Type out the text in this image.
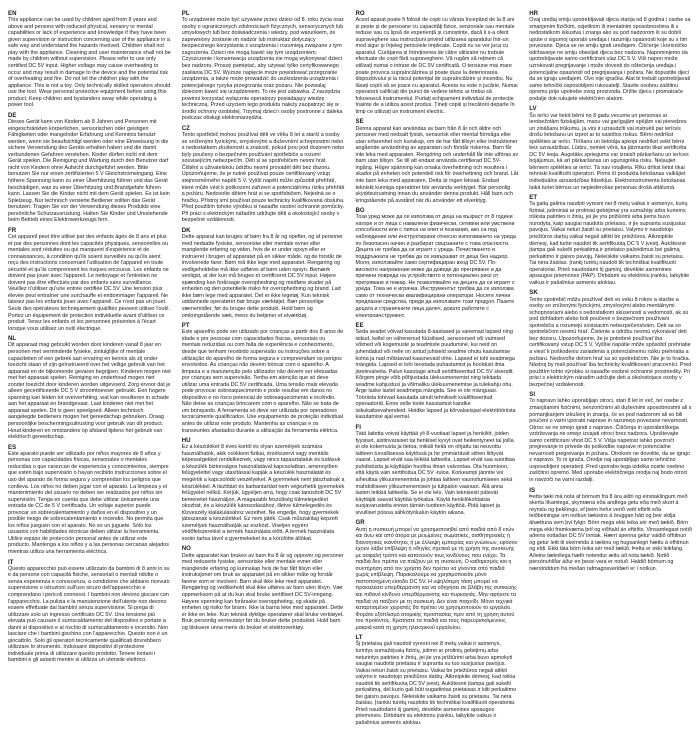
EN

This appliance can be used by children aged from 8 years and above and persons with reduced physical, sensory or mental capabilities or lack of experience and knowledge if they have been given supervision or instruction concerning use of the appliance in a safe way and understand the hazards involved. Children shall not play with the appliance. Cleaning and user maintenance shall not be made by children without supervision. Please refer to use only certified DC 5V input. Higher voltage may cause overheating to occur and may result in damage to the device and the potential risk of overheating and fire. Do not let the children play with the appliance. This is not a toy. Only technically skilled operators should use the tool. Wear personal protective equipment before using this product. Keep children and bystanders away while operating a power tool.

DE

Dieses Gerät kann von Kindern ab 8 Jahren und Personen mit eingeschränkten körperlichen, sensorischen oder geistigen Fähigkeiten oder mangelnder Erfahrung und Kenntnis benutzt werden, wenn sie beaufsichtigt werden oder eine Einweisung in die sichere Verwendung des Geräts erhalten haben und die damit verbundenen Gefahren verstehen. Kinder dürfen nicht mit dem Gerät spielen. Die Reinigung und Wartung durch den Benutzer darf nicht von Kindern ohne Aufsicht durchgeführt werden. Bitte benutzen Sie nur einen zertifizierten 5 V Gleichstromeingang. Eine höhere Spannung kann zu einer Überhitzung führen und das Gerät beschädigen, was zu einer Überhitzung und Brandgefahr führen kann. Lassen Sie die Kinder nicht mit dem Gerät spielen. Es ist kein Spielzeug. Nur technisch versierte Bediener sollten das Gerät benutzen. Tragen Sie vor der Verwendung dieses Produkts eine persönliche Schutzausrüstung. Halten Sie Kinder und Umstehende beim Betrieb eines Elektrowerkzeugs fern.

FR

Cet appareil peut être utilisé par des enfants âgés de 8 ans et plus et par des personnes dont les capacités physiques, sensorielles ou mentales sont réduites ou qui manquent d'expérience et de connaissances, à condition qu'ils soient surveillés ou qu'ils aient reçu des instructions concernant l'utilisation de l'appareil en toute sécurité et qu'ils comprennent les risques encourus. Les enfants ne doivent pas jouer avec l'appareil. Le nettoyage et l'entretien ne doivent pas être effectués par des enfants sans surveillance. Veuillez n'utiliser qu'une entrée certifiée DC 5V. Une tension plus élevée peut entraîner une surchauffe et endommager l'appareil. Ne laissez pas les enfants jouer avec l'appareil. Ce n'est pas un jouet. Seuls des opérateurs techniquement qualifiés peuvent utiliser l'outil. Portez un équipement de protection individuelle avant d'utiliser ce produit. Tenez les enfants et les personnes présentes à l'écart lorsque vous utilisez un outil électrique.

NL

Dit apparaat mag gebruikt worden door kinderen vanaf 8 jaar en personen met verminderde fysieke, zintuiglijke of mentale capaciteiten of een gebrek aan ervaring en kennis als zij onder toezicht staan of zijn geïnstrueerd over het veilige gebruik van het apparaat en de bijkomende gevaren begrijpen. Kinderen mogen niet met het apparaat spelen. Reiniging en onderhoud mogen niet zonder toezicht door kinderen worden uitgevoerd. Zorg ervoor dat je alleen gecertificeerde DC 5 V stroomtoevoer gebruikt. Een hogere spanning kan leiden tot oververhitting, wat kan resulteren in schade aan het apparaat en brandgevaar. Laat kinderen niet met het apparaat spelen. Dit is geen speelgoed. Alleen technisch aangelegde bedieners mogen het gereedschap gebruiken. Draag persoonlijke beschermingsuitrusting voor gebruik van dit product. Houd kinderen en omstanders op afstand tijdens het gebruik van elektrisch gereedschap.

ES

Este aparato puede ser utilizado por niños mayores de 8 años y personas con capacidades físicas, sensoriales o mentales reducidas o que carezcan de experiencia y conocimientos, siempre que estén bajo supervisión o hayan recibido instrucciones sobre el uso del aparato de forma segura y comprendan los peligros que conlleva. Los niños no deben jugar con el aparato. La limpieza y el mantenimiento del usuario no deben ser realizados por niños sin supervisión. Tenga en cuenta que debe utilizar únicamente una entrada de CC de 5 V certificada. Un voltaje superior puede provocar un sobrecalentamiento y daños en el dispositivo y un posible riesgo de sobrecalentamiento e incendio. No permita que los niños jueguen con el aparato. No es un juguete. Sólo los usuarios con habilidades técnicas deben utilizar la herramienta. Utilice equipo de protección personal antes de utilizar este producto. Mantenga a los niños y a las personas cercanas alejados mientras utiliza una herramienta eléctrica.

IT

Questo apparecchio può essere utilizzato da bambini di 8 anni in su e da persone con capacità fisiche, sensoriali o mentali ridotte o senza esperienza e conoscenza, a condizione che abbiano ricevuto supervisione o istruzioni sull'uso sicuro dell'apparecchio e comprendano i pericoli connessi. I bambini non devono giocare con l'apparecchio. La pulizia e la manutenzione dell'utente non devono essere effettuate dai bambini senza supervisione. Si prega di utilizzare solo un ingresso certificato DC 5V. Una tensione più elevata può causare il surriscaldamento del dispositivo e portare a danni al dispositivo e al rischio di surriscaldamento e incendio. Non lasciare che i bambini giochino con l'apparecchio. Questo non è un giocattolo. Solo gli operatori tecnicamente qualificati dovrebbero utilizzare lo strumento. Indossare dispositivi di protezione individuale prima di utilizzare questo prodotto. Tenere lontani i bambini e gli astanti mentre si utilizza un utensile elettrico.

PL

To urządzenie może być używane przez dzieci od 8. roku życia oraz osoby o ograniczonych zdolnościach fizycznych, sensorycznych lub umysłowych lub bez doświadczenia i wiedzy, pod warunkiem, że zapewniony zostanie im nadzór lub instruktaż dotyczący bezpiecznego korzystania z urządzenia i rozumieją związane z tym zagrożenia. Dzieci nie mogą bawić się tym urządzeniem. Czyszczenie i konserwacja urządzenia nie mogą wykonywać dzieci bez nadzoru. Proszę pamiętać, aby używać tylko certyfikowanego zasilania DC 5V. Wyższe napięcie może powodować przegrzanie urządzenia, a także może prowadzić do uszkodzenia urządzenia i potencjalnego ryzyka przegrzania oraz pożaru. Nie pozwalaj dzieciom bawić się urządzeniem. To nie jest zabawka. Z narzędzia powinni korzystać wyłącznie operatorzy posiadający wiedzę techniczną. Przed użyciem tego produktu należy zaopatrzyć się w środki ochrony osobistej. Trzymaj dzieci i osoby postronne z daleka podczas obsługi elektronarzędzia.

CZ

Tento spotřebič mohou používat děti ve věku 8 let a starší a osoby se sníženými fyzickými, smyslovými a duševními schopnostmi nebo s nedostatkem zkušeností a znalostí, pokud jsou pod dozorem nebo byly poučeny o bezpečném používání spotřebiče a rozumí souvisejícím nebezpečím. Děti si se spotřebičem nesmí hrát. Čištění a uživatelskou údržbu nesmí provádět děti bez dozoru. Upozorňujeme, že je nutné používat pouze certifikovaný vstup stejnosměrného napětí 5 V. Vyšší napětí může způsobit přehřátí, které může vést k poškození zařízení a potenciálnímu riziku přehřátí a požáru. Nedovolte dětem hrát si se spotřebičem. Nejedná se o hračku. Přístroj smí používat pouze technicky kvalifikovaná obsluha. Před použitím tohoto výrobku si nasaďte osobní ochranné pomůcky. Při práci s elektrickým nářadím udržujte děti a okolostojící osoby v bezpečné vzdálenosti.

DK

Dette apparat kan bruges af børn fra 8 år og opefter, og af personer med nedsatte fysiske, sensoriske eller mentale evner eller manglende erfaring og viden, hvis de er under opsyn eller er instrueret i brugen af apparatet på en sikker måde, og de forstår de involverede farer. Børn må ikke lege med apparatet. Rengøring og vedligeholdelse må ikke udføres af børn uden opsyn. Bemærk venligst, at der kun må bruges et certificeret DC 5V input. Højere spænding kan forårsage overophedning og medføre skader på enheden og den potentielle risiko for overophedning og brand. Lad ikke børn lege med apparatet. Det er ikke legetøj. Kun teknisk uddannede operatører bør bruge værktøjet. Bær personlige værnemidler, før du bruger dette produkt. Hold børn og omkringstående væk, mens du betjener et elværktøj.

PT

Este aparelho pode ser utilizado por crianças a partir dos 8 anos de idade e por pessoas com capacidades físicas, sensoriais ou mentais reduzidas ou com falta de experiência e conhecimento, desde que tenham recebido supervisão ou instruções sobre a utilização do aparelho de forma segura e compreendam os perigos envolvidos. As crianças não devem brincar com o aparelho. A limpeza e a manutenção pelo utilizador não devem ser efetuadas por crianças sem supervisão. Tenha em atenção que só deve utilizar uma entrada DC 5V certificada. Uma tensão mais elevada pode provocar sobreaquecimento e pode resultar em danos no dispositivo e no risco potencial de sobreaquecimento e incêndio. Não deixe as crianças brincarem com o aparelho. Não se trata de um brinquedo. A ferramenta só deve ser utilizada por operadores tecnicamente qualificados. Use equipamento de proteção individual antes de utilizar este produto. Mantenha as crianças e os transeuntes afastados durante a utilização da ferramenta elétrica.

HU

Ez a készüléket 8 éves kortól és olyan személyek számára használhatók, akik csökkent fizikai, érzékszervi vagy mentális képességekkel rendelkeznek, vagy nincs tapasztalatuk és tudásuk a készülék biztonságos használatával kapcsolatban, amennyiben felügyelettel vagy utasítással kapják a készülék használatát és megértik a kapcsolódó veszélyeket. A gyermekek nem játszhatnak a készülékkel. A tisztítást és karbantartást nem végezhetik gyermekek felügyelet nélkül. Kérjük, ügyeljen arra, hogy csak tanúsított DC 5V bemenetet használjon. A magasabb feszültség túlmelegedést okozhat, és a készülék károsodásához, illetve túlmelegedés és tűzveszély kialakulásához vezethet. Ne engedje, hogy gyermekek játsszanak a készülékkel. Ez nem játék. Csak műszakilag képzett személyek használhatják az eszközt. Viseljen egyéni védőfelszerelést a termék használata előtt. A termék használata során tartsa távol a gyermekeket és a körülötte állókat.

NO

Dette apparatet kan brukes av barn fra 8 år og oppover og personer med reduserte fysiske, sensoriske eller mentale evner eller manglende erfaring og kunnskap hvis de har fått tilsyn eller instruksjoner om bruk av apparatet på en sikker måte og forstår farene som er involvert. Barn skal ikke leke med apparatet. Rengjøring og vedlikehold skal ikke utføres av barn uten tilsyn. Vær oppmerksom på at du kun skal bruke sertifisert DC 5V-inngang. Høyere spenning kan forårsake overoppheting, og skade på enheten og risiko for brann. Ikke la barna leke med apparatet. Dette er ikke en leke. Kun teknisk dyktige operatører skal bruke verktøyet. Bruk personlig verneutstyr før du bruker dette produktet. Hold barn og tilskuere unna mens du bruker et elektroverktøy.

RO

Acest aparat poate fi folosit de copii cu vârsta începând de la 8 ani și peste și de persoane cu capacități fizice, senzoriale sau mentale reduse sau cu lipsă de experiență și cunoștințe, dacă li s-a oferit supraveghere sau instrucțiuni privind utilizarea aparatului într-un mod sigur și înțeleg pericolele implicate. Copiii nu se vor juca cu aparatul. Curățarea și întreținerea de către utilizator nu trebuie efectuate de copii fără supraveghere. Vă rugăm să reținem că utilizați numai o intrare de DC 5V certificată. O tensiune mai mare poate provoca supraîncălzirea și poate duce la deteriorarea dispozitivului și la riscul potențial de supraîncălzire și incendiu. Nu lăsați copiii să se joace cu aparatul. Acesta nu este o jucărie. Numai operatorii calificați din punct de vedere tehnic ar trebui să folosească instrumentul. Purtați echipament individual de protecție înainte de a utiliza acest produs. Țineți copiii și trecătorii departe în timp ce utilizați un instrument electric.

SE

Denna apparat kan användas av barn från 8 år och äldre och personer med nedsatt fysisk, sensorisk eller mental förmåga eller utan erfarenhet och kunskap, om de har fått tillsyn eller instruktioner angående användning av apparaten och förstår riskerna. Barn får inte leka med apparaten. Rengöring och underhåll får inte utföras av barn utan tillsyn. Se till att endast använda certifierad DC 5V-ingång. Högre spänning kan orsaka överhettning och resultera i skador på enheten och potentiell risk för överhettning och brand. Låt inte barn leka med apparaten. Detta är ingen leksak. Endast tekniskt kunniga operatörer bör använda verktyget. Bär personlig skyddsutrustning innan du använder denna produkt. Håll barn och kringstående på avstånd när du använder ett elverktyg.

BG

Този уред може да се използва от деца на възраст от 8 години нагоре и от лица с намалени физически, сетивни или умствени способности или с липса на опит и познания, ако са под наблюдение или инструктирани относно използването на уреда по безопасен начин и разбират свързаните с това опасности. Децата не трябва да си играят с уреда. Почистването и поддръжката не трябва да се извършват от деца без надзор. Моля, използвайте само сертифициран вход DC 5V. По-високото напрежение може да доведе до прегряване и да причини повреда на устройството и потенциален риск от прегряване и пожар. Не позволявайте на децата да си играят с уреда. Това не е играчка. Инструментът трябва да се използва само от технически квалифицирани оператори. Носете лични предпазни средства, преди да използвате този продукт. Пазете децата и страничните лица далеч, докато работите с електроинструмент.

EE

Seda seadet võivad kasutada 8-aastased ja vanemad lapsed ning isikud, kellel on vähenenud füüsilised, sensoorsed või vaimsed võimed või kogemuste ja teadmiste puudumine, kui neid on juhendatud või neile on antud juhiseid seadme ohutu kasutamise kohta ja nad mõistavad kaasnevaid ohte. Lapsed ei tohi seadmega mängida. Lapsed ei tohi teostada puhastamist ja hooldust ilma järelevalveta. Palun kasutage ainult sertifitseeritud DC 5V sisendit. Kõrgem pinge võib põhjustada ülekuumenemist ning tekitada seadme kahjustusi ja võimaliku ülekuumenemise ja tulekahju ohu. Ärge laske lastel seadmega mängida. See ei ole mänguasi. Tööriista tohivad kasutada ainult tehniliselt kvalifitseeritud operaatorid. Enne selle toote kasutamist kandke isikukaitsevahendeid. Hoidke lapsed ja kõrvalseisjad elektritööriista kasutamise ajal eemal.

FI

Tätä laitetta voivat käyttää yli 8-vuotiaat lapset ja henkilöt, joiden fyysiset, aistinvaraiset tai henkiset kyvyt ovat heikentyneet tai joilla ei ole kokemusta ja tietoa, mikäli heitä on ohjattu tai neuvottu laitteen turvallisessa käytössä ja he ymmärtävät siihen liittyvät vaarat. Lapset eivät saa leikkiä laitteella. Lapset eivät saa suorittaa puhdistusta ja käyttäjän huoltoa ilman valvontaa. Ota huomioon, että käytä vain sertifioitua DC 5V -tuloa. Korkeampi jännite voi aiheuttaa ylikuumenemista ja johtaa laitteen vaurioitumiseen sekä mahdolliseen ylikuumenemisen ja tulipalon vaaraan. Älä anna lasten leikkiä laitteella. Se ei ole lelu. Vain teknisesti pätevät käyttäjät saavat käyttää työkalua. Käytä henkilökohtaisia suojavarusteita ennen tämän tuotteen käyttöä. Pidä lapset ja sivulliset poissa sähkötyökalun käytön aikana.

GR

Αυτή η συσκευή μπορεί να χρησιμοποιηθεί από παιδιά από 8 ετών και άνω και από άτομα με μειωμένες σωματικές, αισθητηριακές ή διανοητικές ικανότητες ή με έλλειψη εμπειρίας και γνώσεων, εφόσον έχουν λάβει επίβλεψη ή οδηγίες σχετικά με τη χρήση της συσκευής με ασφαλή τρόπο και κατανοούν τους κινδύνους που ενέχει. Τα παιδιά δεν πρέπει να παίζουν με τη συσκευή. Ο καθαρισμός και η συντήρηση από τον χρήστη δεν πρέπει να γίνονται από παιδιά χωρίς επίβλεψη. Παρακαλούμε να χρησιμοποιείτε μόνο πιστοποιημένη είσοδο DC 5V. Η υψηλότερη τάση μπορεί να προκαλέσει υπερθέρμανση και να οδηγήσει σε βλάβη της συσκευής και πιθανό κίνδυνο υπερθέρμανσης και πυρκαγιάς. Μην αφήνετε τα παιδιά να παίζουν με τη συσκευή. Δεν είναι παιχνίδι. Μόνο τεχνικά καταρτισμένοι χειριστές θα πρέπει να χρησιμοποιούν το εργαλείο. Φοράτε εξοπλισμό ατομικής προστασίας πριν από τη χρήση αυτού του προϊόντος. Κρατήστε τα παιδιά και τους παρευρισκόμενους μακριά κατά τη χρήση ηλεκτρικού εργαλείου.

LT

Šį prietaisą gali naudoti vyresni nei 8 metų vaikai ir asmenys, turintys sumažėjusių fizinių, jutimo ar protinių gebėjimų arba neturintys patirties ir žinių, jei jie yra prižiūrimi arba buvo apmokyti saugiai naudotis prietaisu ir supranta su tuo susijusius pavojus. Vaikai neturi žaisti su prietaisu. Vaikai be priežiūros negali atlikti valymo ir naudotojo priežiūros darbų. Atkreipkite dėmesį, kad reikia naudoti tik sertifikuotą DC 5V įvestį. Aukštesnė įtampa gali sukelti perkaitimą, dėl kurio gali būti sugadintas prietaisas ir kilti perkaitimo bei gaisro pavojus. Neleiskite vaikams žaisti su prietaisu. Tai nėra žaislas. Įrankiu turėtų naudotis tik techniškai kvalifikuoti operatoriai. Prieš naudodami šį gaminį, dėvėkite asmenines apsaugos priemones. Dirbdami su elektriniu įrankiu, laikykite vaikus ir pašalinius asmenis atokiau.

HR

Ovaj uređaj smiju upotrebljavati djeca starija od 8 godina i osobe sa smanjenim fizičkim, osjetilnim ili mentalnim sposobnostima ili s nedostatkom iskustva i znanja ako su pod nadzorom ili su dobili upute o sigurnoj uporabi uređaja i razumiju opasnosti koje su s tim povezane. Djeca se ne smiju igrati uređajem. Čišćenje i korisničko održavanje ne smiju obavljati djeca bez nadzora. Napominjemo da upotrebljavate samo certificirani ulaz DC 5 V. Viši napon može uzrokovati pregrijavanje i može dovesti do oštećenja uređaja i potencijalne opasnosti od pregrijavanja i požara. Ne dopustite djeci da se igraju uređajem. Ovo nije igračka. Alat bi trebali upotrebljavati samo tehnički osposobljeni rukovatelji. Stavite osobnu zaštitnu opremu prije upotrebe ovog proizvoda. Držite djecu i promatrače podalje dok rukujete električnim alatom.

LV

Šo ierīci var lietot bērni no 8 gadu vecuma un personas ar ierobežotām fiziskajām, maņu vai garīgajām spējām vai pieredzes un zināšanu trūkumu, ja viņi ir uzraudzīti vai instruēti par ierīces drošu lietošanu un izprot ar to saistītos riskus. Bērni nedrīkst spēlēties ar ierīci. Tīrīšanu un lietotāja apkopi nedrīkst veikt bērni bez uzraudzības. Lūdzu, ņemiet vērā, ka jāizmanto tikai sertificēta DC 5V ieeja. Augstāks spriegums var izraisīt pārkaršanu un ierīces bojājumus, kā arī pārkaršanas un ugunsgrēka risku. Neļaujiet bērniem spēlēties ar ierīci. Tā nav rotaļlieta. Rīku drīkst lietot tikai tehniski kvalificēti operatori. Pirms šī produkta lietošanas valkājiet individuālos aizsardzības līdzekļus. Elektroinstrumenta lietošanas laikā turiet bērnus un nepiederošas personas drošā attālumā.

ET

Ta gaitą galima naudoti vyresni nei 8 metų vaikai ir asmenys, kurių fiziniai, jutiminiai ar protiniai gebėjimai yra sumažėję arba kuriems trūksta patirties ir žinių, jei jie yra prižiūrimi arba jiems buvo nurodyta, kaip saugiai naudotis prietaisu, ir jie supranta susijusius pavojus. Vaikai neturi žaisti su prietaisu. Valymo ir naudotojo priežiūros darbų vaikai negali atlikti be priežiūros. Atkreipkite dėmesį, kad turite naudoti tik sertifikuotą DC 5 V įvestį. Aukštesnė įtampa gali sukelti perkaitimą ir prietaiso pažeidimus bei galimą perkaitimo ir gaisro pavojų. Neleiskite vaikams žaisti su prietaisu. Tai nėra žaislas. Įrankį turėtų naudoti tik techniškai kvalifikuoti operatoriai. Prieš naudodami šį gaminį, dėvėkite asmenines apsaugos priemones (PAP). Dirbdami su elektriniu įrankiu, laikykite vaikus ir pašalinius asmenis atokiau.

SK

Tento spotrebič môžu používať deti vo veku 8 rokov a staršie a osoby so zníženými fyzickými, zmyslovými alebo mentálnymi schopnosťami alebo s nedostatkom skúseností a vedomostí, ak sú pod dohľadom alebo boli poučené o bezpečnom používaní spotrebiča a rozumejú súvisiacim nebezpečenstvám. Deti sa so spotrebičom nesmú hrať. Čistenie a údržbu nesmú vykonávať deti bez dozoru. Upozorňujeme, že je potrebné používať iba certifikovaný vstup DC 5 V. Vyššie napätie môže spôsobiť prehriatie a viesť k poškodeniu zariadenia a potenciálnemu riziku prehriatia a požiaru. Nedovoľte deťom hrať sa so spotrebičom. Nie je to hračka. Nástroj by mali používať iba technicky kvalifikovaní pracovníci. Pred použitím tohto výrobku si nasaďte osobné ochranné prostriedky. Pri práci s elektrickým náradím udržujte deti a okolostojace osoby v bezpečnej vzdialenosti.

SI

To napravo lahko uporabljajo otroci, stari 8 let in več, ter osebe z zmanjšanimi fizičnimi, senzoričnimi ali duševnimi sposobnostmi ali s pomanjkanjem izkušenj in znanja, če so pod nadzorom ali so bili poučeni o varni uporabi naprave in razumejo povezane nevarnosti. Otroci se ne smejo igrati z napravo. Čiščenja in uporabniškega vzdrževanja ne smejo izvajati otroci brez nadzora. Upoštevajte samo certificirani vhod DC 5 V. Višja napetost lahko povzroči pregrevanje in privede do poškodbe naprave in potencialne nevarnosti pregrevanja in požara. Otrokom ne dovolite, da se igrajo z napravo. To ni igrača. Orodje naj uporabljajo samo tehnično usposobljeni operaterji. Pred uporabo tega izdelka nosite osebno zaščitno opremo. Med uporabo električnega orodja naj bodo otroci in navzoči na varni razdalji.

IS

Þetta tæki má nota af börnum frá 8 ára aldri og einstaklingum með skerta líkamlega, skynræna eða andlega getu eða með skort á reynslu og þekkingu, ef þeim hefur verið veitt eftirlit eða leiðbeiningar um notkun tækisins á öruggan hátt og þeir skilja áhættuna sem því fylgir. Börn mega ekki leika sér með tækið. Börn mega ekki framkvæma þrif og viðhald án eftirlits. Vinsamlegast notið aðeins vottaðan DC 5V inntak. Hærri spenna getur valdið ofhitnun og getur leitt til skemmda á tækinu og hugsanlegri hættu á ofhitnun og eldi. Ekki láta börn leika sér með tækið. Þetta er ekki leikfang. Aðeins tæknilega hæfir notendur ættu að nota tækið. Notið persónuhlífar áður en þessi vara er notuð. Haldið börnum og nærstöddum frá meðan rafmagnsverkfæri er í notkun.
